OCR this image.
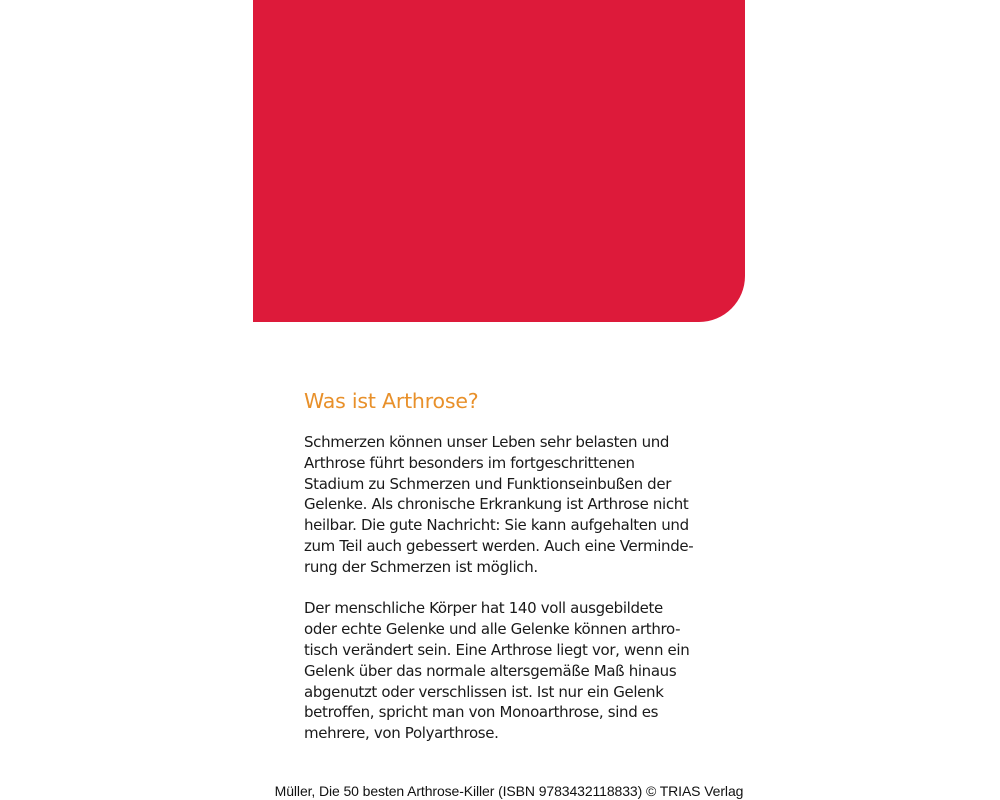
Was ist Arthrose?

Schmerzen können unser Leben sehr belasten und
Arthrose führt besonders im fortgeschrittenen
Stadium zu Schmerzen und Funktionseinbußen der
Gelenke. Als chronische Erkrankung ist Arthrose nicht
heilbar. Die gute Nachricht: Sie kann aufgehalten und
zum Teil auch gebessert werden. Auch eine Verminde-
rung der Schmerzen ist möglich.

Der menschliche Körper hat 140 voll ausgebildete
oder echte Gelenke und alle Gelenke können arthro-
tisch verändert sein. Eine Arthrose liegt vor, wenn ein
Gelenk über das normale altersgemäße Maß hinaus
abgenutzt oder verschlissen ist. Ist nur ein Gelenk
betroffen, spricht man von Monoarthrose, sind es
mehrere, von Polyarthrose.

Müller, Die 50 besten Arthrose-Killer (ISBN 9783432118833) © TRIAS Verlag
